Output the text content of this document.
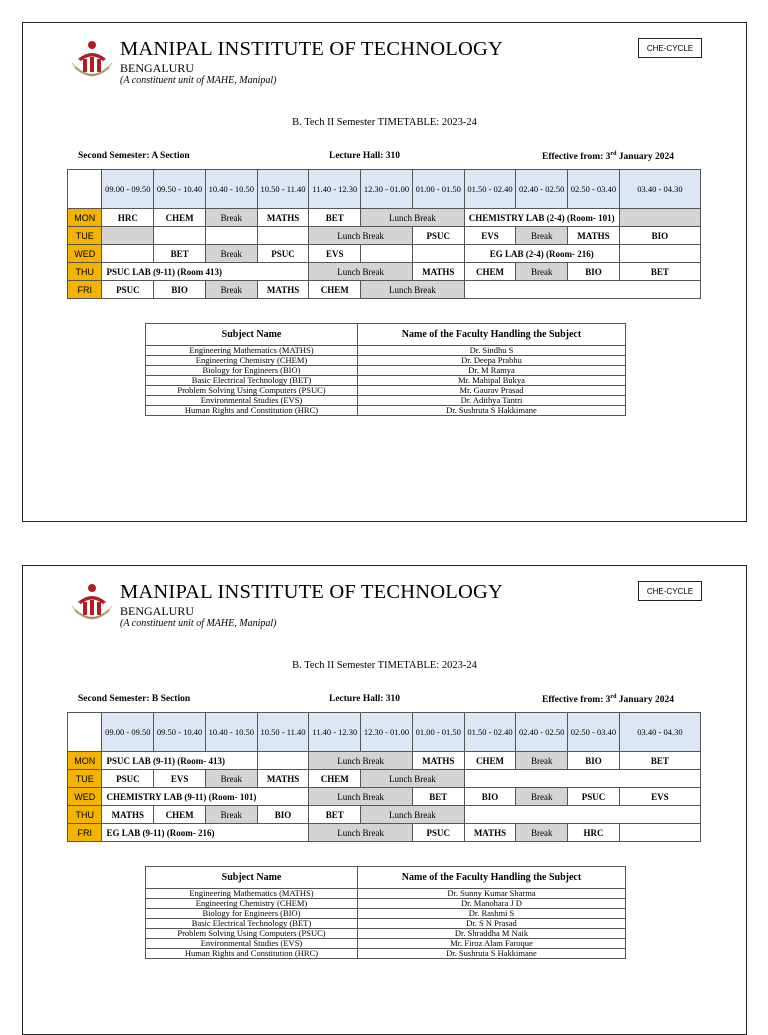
MANIPAL INSTITUTE OF TECHNOLOGY
BENGALURU
(A constituent unit of MAHE, Manipal)
CHE-CYCLE
B. Tech II Semester TIMETABLE: 2023-24
Second Semester: A Section	Lecture Hall: 310	Effective from: 3rd January 2024
	09.00 - 09.50	09.50 - 10.40	10.40 - 10.50	10.50 - 11.40	11.40 - 12.30	12.30 - 01.00	01.00 - 01.50	01.50 - 02.40	02.40 - 02.50	02.50 - 03.40	03.40 - 04.30
MON	HRC	CHEM	Break	MATHS	BET	Lunch Break		CHEMISTRY LAB (2-4) (Room- 101)			
TUE					Lunch Break		PSUC	EVS	Break	MATHS	BIO
WED		BET	Break	PSUC	EVS			EG LAB (2-4) (Room- 216)			
THU	PSUC LAB (9-11) (Room 413)				Lunch Break		MATHS	CHEM	Break	BIO	BET
FRI	PSUC	BIO	Break	MATHS	CHEM	Lunch Break					
Subject Name	Name of the Faculty Handling the Subject
Engineering Mathematics (MATHS)	Dr. Sindhu S
Engineering Chemistry (CHEM)	Dr. Deepa Prabhu
Biology for Engineers (BIO)	Dr. M Ramya
Basic Electrical Technology (BET)	Mr. Mahipal Bukya
Problem Solving Using Computers (PSUC)	Mr. Gaurav Prasad
Environmental Studies (EVS)	Dr. Adithya Tantri
Human Rights and Constitution (HRC)	Dr. Sushruta S Hakkimane
MANIPAL INSTITUTE OF TECHNOLOGY
BENGALURU
(A constituent unit of MAHE, Manipal)
CHE-CYCLE
B. Tech II Semester TIMETABLE: 2023-24
Second Semester: B Section	Lecture Hall: 310	Effective from: 3rd January 2024
	09.00 - 09.50	09.50 - 10.40	10.40 - 10.50	10.50 - 11.40	11.40 - 12.30	12.30 - 01.00	01.00 - 01.50	01.50 - 02.40	02.40 - 02.50	02.50 - 03.40	03.40 - 04.30
MON	PSUC LAB (9-11) (Room- 413)				Lunch Break		MATHS	CHEM	Break	BIO	BET
TUE	PSUC	EVS	Break	MATHS	CHEM	Lunch Break					
WED	CHEMISTRY LAB (9-11) (Room- 101)				Lunch Break		BET	BIO	Break	PSUC	EVS
THU	MATHS	CHEM	Break	BIO	BET	Lunch Break					
FRI	EG LAB (9-11) (Room- 216)				Lunch Break		PSUC	MATHS	Break	HRC	
Subject Name	Name of the Faculty Handling the Subject
Engineering Mathematics (MATHS)	Dr. Sunny Kumar Sharma
Engineering Chemistry (CHEM)	Dr. Manohara J D
Biology for Engineers (BIO)	Dr. Rashmi S
Basic Electrical Technology (BET)	Dr. S N Prasad
Problem Solving Using Computers (PSUC)	Dr. Shraddha M Naik
Environmental Studies (EVS)	Mr. Firoz Alam Faroque
Human Rights and Constitution (HRC)	Dr. Sushruta S Hakkimane
